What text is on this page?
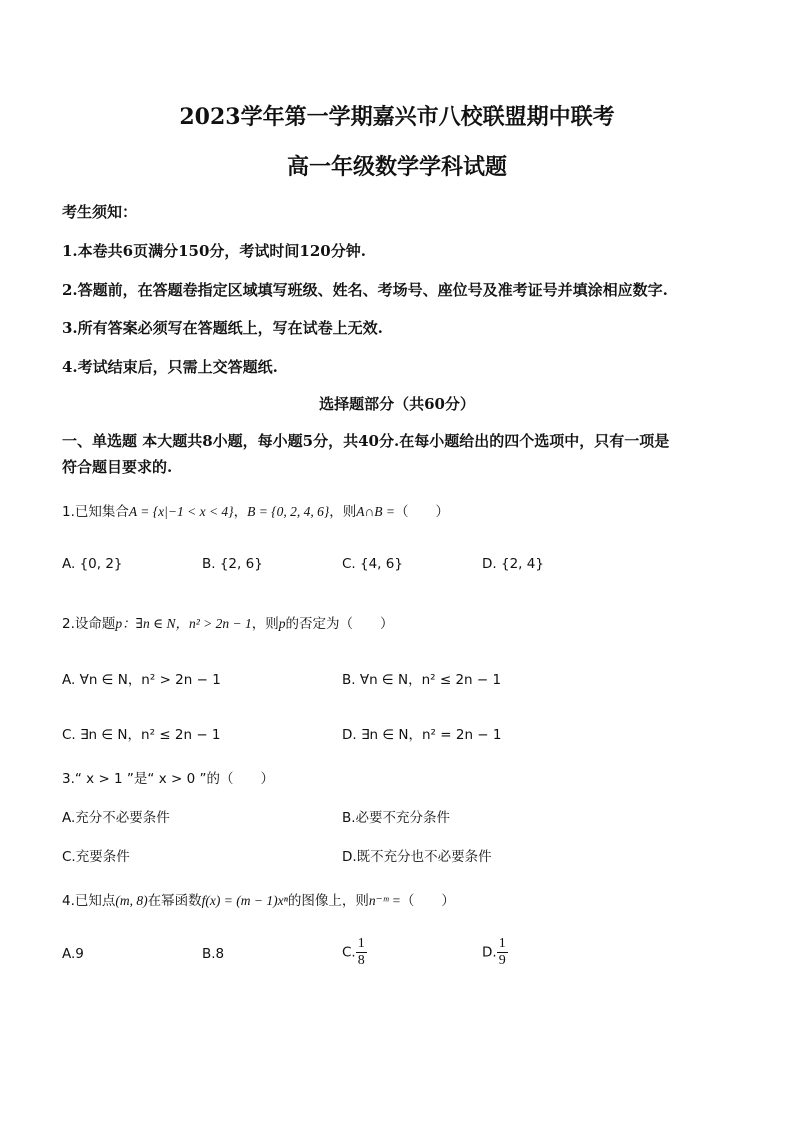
2023学年第一学期嘉兴市八校联盟期中联考
高一年级数学学科试题
考生须知：
1.本卷共6页满分150分，考试时间120分钟.
2.答题前，在答题卷指定区域填写班级、姓名、考场号、座位号及准考证号并填涂相应数字.
3.所有答案必须写在答题纸上，写在试卷上无效.
4.考试结束后，只需上交答题纸.
选择题部分（共60分）
一、单选题 本大题共8小题，每小题5分，共40分.在每小题给出的四个选项中，只有一项是
符合题目要求的.
1.已知集合A = {x|−1 < x < 4}，B = {0, 2, 4, 6}，则A∩B =（　　）
A. {0, 2}	B. {2, 6}	C. {4, 6}	D. {2, 4}
2.设命题p：∃n ∈ N，n² > 2n − 1，则p的否定为（　　）
A. ∀n ∈ N，n² > 2n − 1	B. ∀n ∈ N，n² ≤ 2n − 1
C. ∃n ∈ N，n² ≤ 2n − 1	D. ∃n ∈ N，n² = 2n − 1
3.“ x > 1 ”是“ x > 0 ”的（　　）
A.充分不必要条件	B.必要不充分条件
C.充要条件	D.既不充分也不必要条件
4.已知点(m, 8)在幂函数f(x) = (m − 1)xⁿ的图像上，则n⁻ᵐ =（　　）
A.9	B.8	C. $\frac{1}{8}$	D. $\frac{1}{9}$
